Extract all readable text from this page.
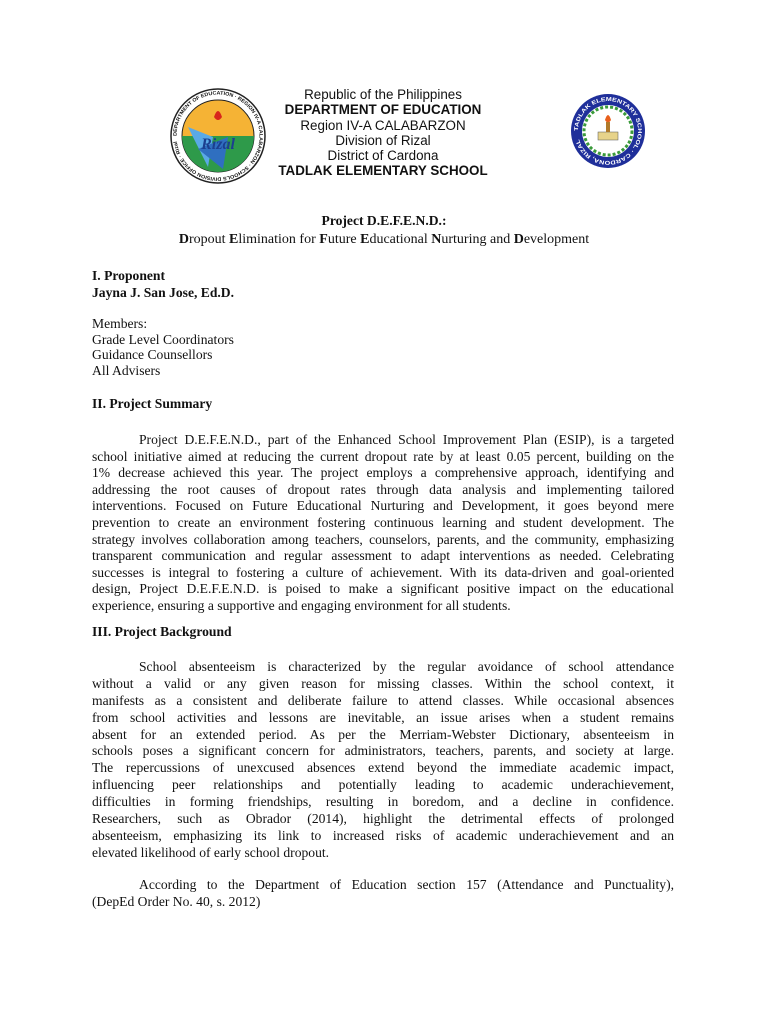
DEPARTMENT OF EDUCATION · REGION IV-A CALABARZON · SCHOOLS DIVISION OFFICE · Rizal	Rizal
Republic of the Philippines
DEPARTMENT OF EDUCATION
Region IV-A CALABARZON
Division of Rizal
District of Cardona
TADLAK ELEMENTARY SCHOOL
TADLAK ELEMENTARY SCHOOL · CARDONA, RIZAL
Project D.E.F.E.N.D.:
Dropout Elimination for Future Educational Nurturing and Development
I. Proponent
Jayna J. San Jose, Ed.D.
Members:
Grade Level Coordinators
Guidance Counsellors
All Advisers
II. Project Summary
Project D.E.F.E.N.D., part of the Enhanced School Improvement Plan (ESIP), is a targeted
school initiative aimed at reducing the current dropout rate by at least 0.05 percent, building on the
1% decrease achieved this year. The project employs a comprehensive approach, identifying and
addressing the root causes of dropout rates through data analysis and implementing tailored
interventions. Focused on Future Educational Nurturing and Development, it goes beyond mere
prevention to create an environment fostering continuous learning and student development. The
strategy involves collaboration among teachers, counselors, parents, and the community, emphasizing
transparent communication and regular assessment to adapt interventions as needed. Celebrating
successes is integral to fostering a culture of achievement. With its data-driven and goal-oriented
design, Project D.E.F.E.N.D. is poised to make a significant positive impact on the educational
experience, ensuring a supportive and engaging environment for all students.
III. Project Background
School absenteeism is characterized by the regular avoidance of school attendance
without a valid or any given reason for missing classes. Within the school context, it
manifests as a consistent and deliberate failure to attend classes. While occasional absences
from school activities and lessons are inevitable, an issue arises when a student remains
absent for an extended period. As per the Merriam-Webster Dictionary, absenteeism in
schools poses a significant concern for administrators, teachers, parents, and society at large.
The repercussions of unexcused absences extend beyond the immediate academic impact,
influencing peer relationships and potentially leading to academic underachievement,
difficulties in forming friendships, resulting in boredom, and a decline in confidence.
Researchers, such as Obrador (2014), highlight the detrimental effects of prolonged
absenteeism, emphasizing its link to increased risks of academic underachievement and an
elevated likelihood of early school dropout.
According to the Department of Education section 157 (Attendance and Punctuality),
(DepEd Order No. 40, s. 2012)
